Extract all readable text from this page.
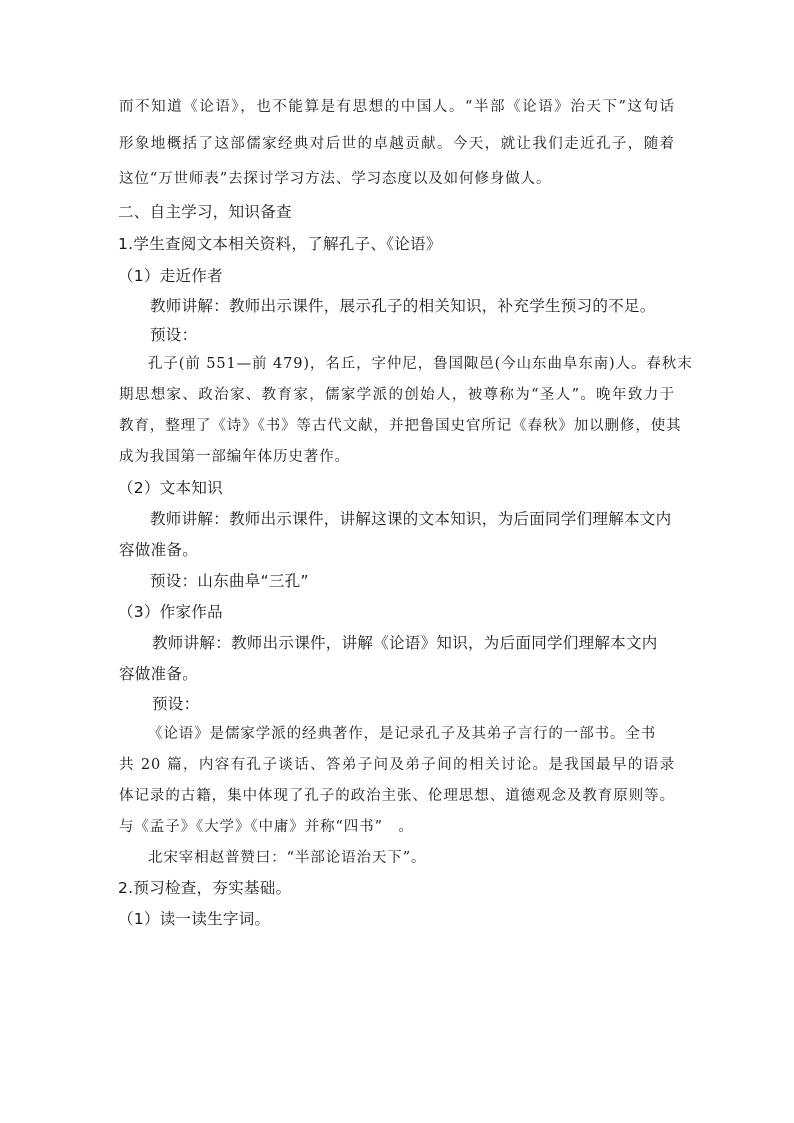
而不知道《论语》，也不能算是有思想的中国人。“半部《论语》治天下”这句话
形象地概括了这部儒家经典对后世的卓越贡献。今天，就让我们走近孔子，随着
这位“万世师表”去探讨学习方法、学习态度以及如何修身做人。
二、自主学习，知识备查
1.学生查阅文本相关资料，了解孔子、《论语》
（1）走近作者
教师讲解：教师出示课件，展示孔子的相关知识，补充学生预习的不足。
预设：
孔子(前 551—前 479)，名丘，字仲尼，鲁国陬邑(今山东曲阜东南)人。春秋末
期思想家、政治家、教育家，儒家学派的创始人，被尊称为“圣人”。晚年致力于
教育，整理了《诗》《书》等古代文献，并把鲁国史官所记《春秋》加以删修，使其
成为我国第一部编年体历史著作。
（2）文本知识
教师讲解：教师出示课件，讲解这课的文本知识，为后面同学们理解本文内
容做准备。
预设：山东曲阜“三孔”
（3）作家作品
教师讲解：教师出示课件，讲解《论语》知识，为后面同学们理解本文内
容做准备。
预设：
《论语》是儒家学派的经典著作，是记录孔子及其弟子言行的一部书。全书
共 20 篇，内容有孔子谈话、答弟子问及弟子间的相关讨论。是我国最早的语录
体记录的古籍，集中体现了孔子的政治主张、伦理思想、道德观念及教育原则等。
与《孟子》《大学》《中庸》并称“四书”　。
北宋宰相赵普赞曰：“半部论语治天下”。
2.预习检查，夯实基础。
（1）读一读生字词。
